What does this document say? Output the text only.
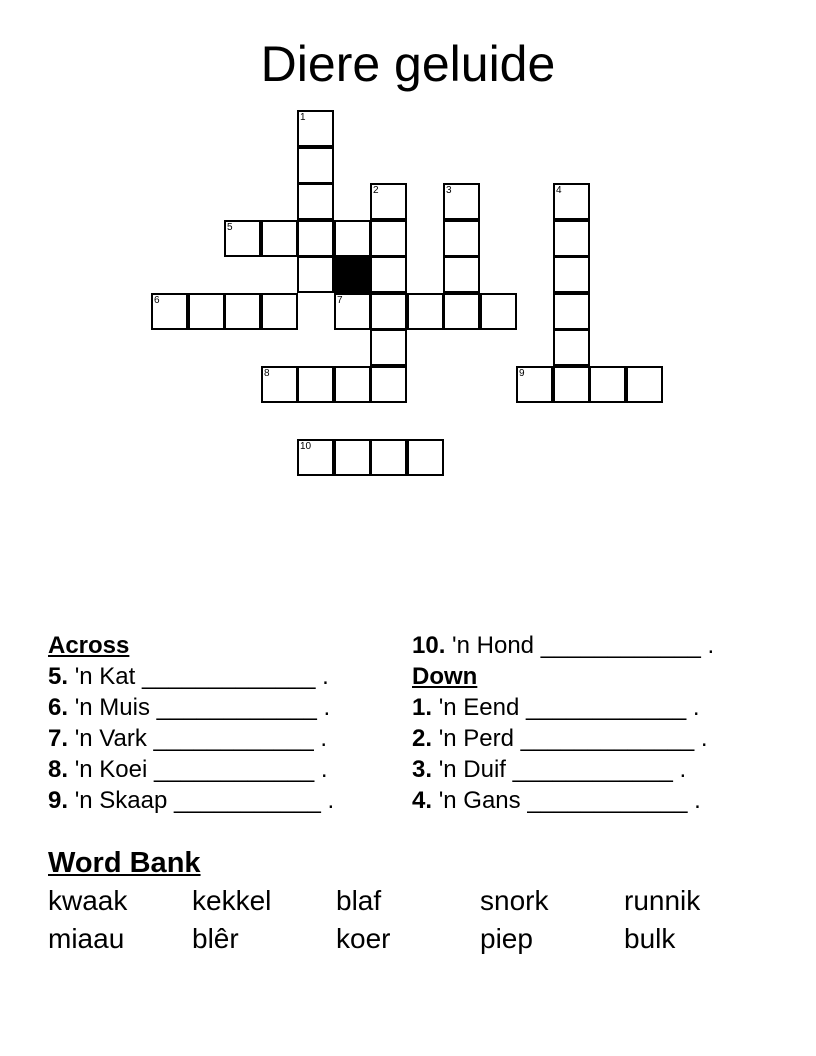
Diere geluide
1
2	3	4
5
6	7
8	9
10
Across
5. 'n Kat _____________ .
6. 'n Muis ____________ .
7. 'n Vark ____________ .
8. 'n Koei ____________ .
9. 'n Skaap ___________ .
10. 'n Hond ____________ .
Down
1. 'n Eend ____________ .
2. 'n Perd _____________ .
3. 'n Duif ____________ .
4. 'n Gans ____________ .
Word Bank
kwaak kekkel blaf	snork	runnik
miaau blêr	koer	piep	bulk
